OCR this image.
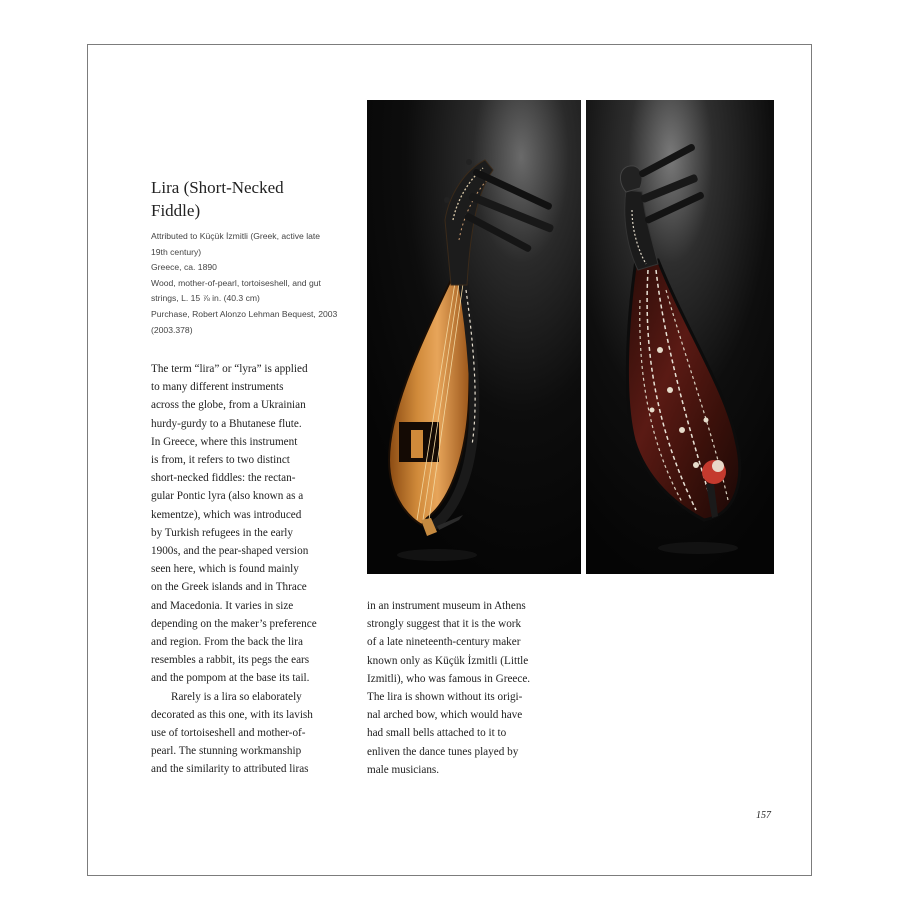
Lira (Short-Necked
Fiddle)
Attributed to Küçük İzmitli (Greek, active late
19th century)
Greece, ca. 1890
Wood, mother-of-pearl, tortoiseshell, and gut
strings, L. 15 ⅞ in. (40.3 cm)
Purchase, Robert Alonzo Lehman Bequest, 2003
(2003.378)
The term “lira” or “lyra” is applied
to many different instruments
across the globe, from a Ukrainian
hurdy-gurdy to a Bhutanese flute.
In Greece, where this instrument
is from, it refers to two distinct
short-necked fiddles: the rectan-
gular Pontic lyra (also known as a
kementze), which was introduced
by Turkish refugees in the early
1900s, and the pear-shaped version
seen here, which is found mainly
on the Greek islands and in Thrace
and Macedonia. It varies in size
depending on the maker’s preference
and region. From the back the lira
resembles a rabbit, its pegs the ears
and the pompom at the base its tail.
Rarely is a lira so elaborately
decorated as this one, with its lavish
use of tortoiseshell and mother-of-
pearl. The stunning workmanship
and the similarity to attributed liras
in an instrument museum in Athens
strongly suggest that it is the work
of a late nineteenth-century maker
known only as Küçük İzmitli (Little
Izmitli), who was famous in Greece.
The lira is shown without its origi-
nal arched bow, which would have
had small bells attached to it to
enliven the dance tunes played by
male musicians.
157
